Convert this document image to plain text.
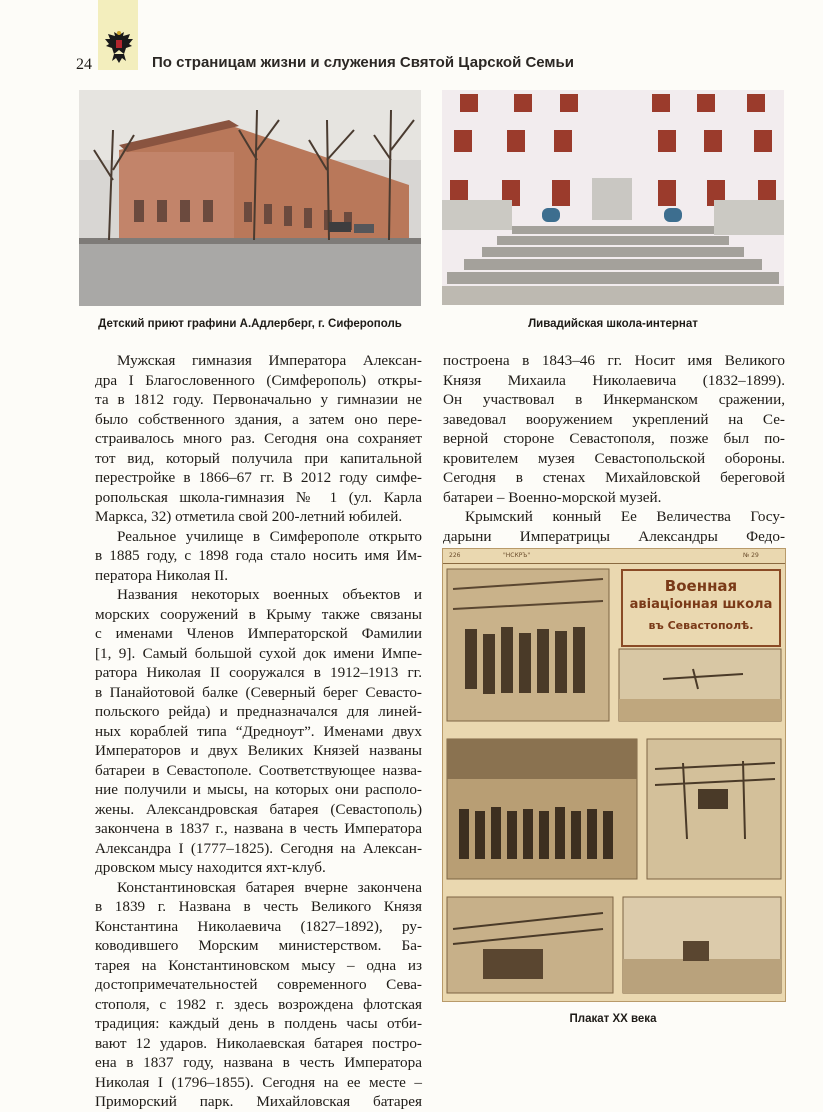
24	По страницам жизни и служения Святой Царской Семьи
Детский приют графини А.Адлерберг, г. Сиферополь	Ливадийская школа-интернат

Мужская гимназия Императора Алексан-
дра I Благословенного (Симферополь) откры-
та в 1812 году. Первоначально у гимназии не
было собственного здания, а затем оно пере-
страивалось много раз. Сегодня она сохраняет
тот вид, который получила при капитальной
перестройке в 1866–67 гг. В 2012 году симфе-
ропольская школа-гимназия № 1 (ул. Карла
Маркса, 32) отметила свой 200-летний юбилей.

Реальное училище в Симферополе открыто
в 1885 году, с 1898 года стало носить имя Им-
ператора Николая II.

Названия некоторых военных объектов и
морских сооружений в Крыму также связаны
с именами Членов Императорской Фамилии
[1, 9]. Самый большой сухой док имени Импе-
ратора Николая II сооружался в 1912–1913 гг.
в Панайотовой балке (Северный берег Севасто-
польского рейда) и предназначался для линей-
ных кораблей типа “Дредноут”. Именами двух
Императоров и двух Великих Князей названы
батареи в Севастополе. Соответствующее назва-
ние получили и мысы, на которых они располо-
жены. Александровская батарея (Севастополь)
закончена в 1837 г., названа в честь Императора
Александра I (1777–1825). Сегодня на Алексан-
дровском мысу находится яхт-клуб.

Константиновская батарея вчерне закончена
в 1839 г. Названа в честь Великого Князя
Константина Николаевича (1827–1892), ру-
ководившего Морским министерством. Ба-
тарея на Константиновском мысу – одна из
достопримечательностей современного Сева-
стополя, с 1982 г. здесь возрождена флотская
традиция: каждый день в полдень часы отби-
вают 12 ударов. Николаевская батарея постро-
ена в 1837 году, названа в честь Императора
Николая I (1796–1855). Сегодня на ее месте –
Приморский парк. Михайловская батарея

построена в 1843–46 гг. Носит имя Великого
Князя Михаила Николаевича (1832–1899).
Он участвовал в Инкерманском сражении,
заведовал вооружением укреплений на Се-
верной стороне Севастополя, позже был по-
кровителем музея Севастопольской обороны.
Сегодня в стенах Михайловской береговой
батареи – Военно-морской музей.

Крымский конный Ее Величества Госу-
дарыни Императрицы Александры Федо-

226	"НСКРЪ"	№ 29
Военная
авіаціонная школа
въ Севастополѣ.
Плакат XX века
